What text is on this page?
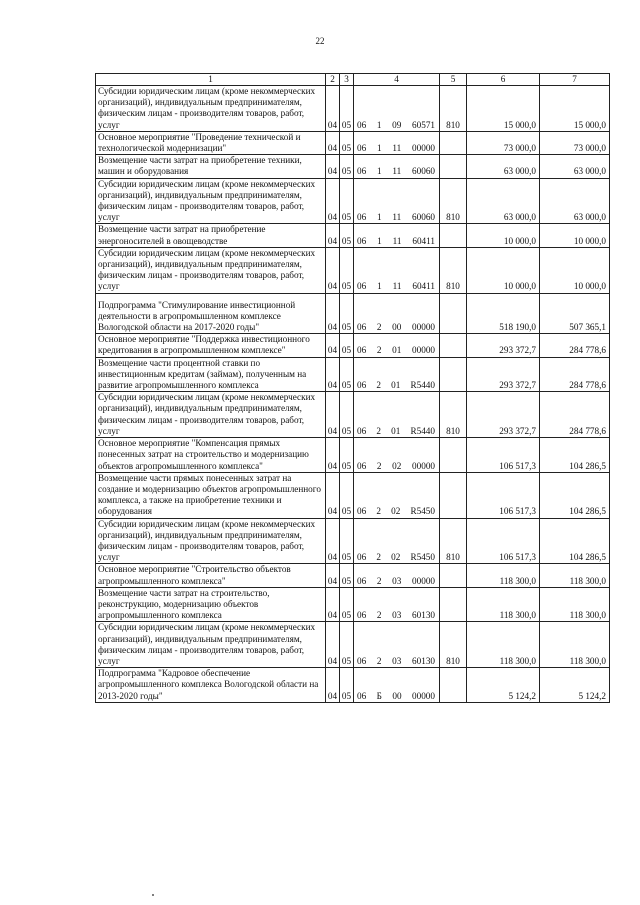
22
1	2	3	4	5	6	7
Субсидии юридическим лицам (кроме некоммерческих организаций), индивидуальным предпринимателям, физическим лицам - производителям товаров, работ, услуг	04	05	06 1 09 60571	810	15 000,0	15 000,0
Основное мероприятие "Проведение технической и технологической модернизации"	04	05	06 1 11 00000		73 000,0	73 000,0
Возмещение части затрат на приобретение техники, машин и оборудования	04	05	06 1 11 60060		63 000,0	63 000,0
Субсидии юридическим лицам (кроме некоммерческих организаций), индивидуальным предпринимателям, физическим лицам - производителям товаров, работ, услуг	04	05	06 1 11 60060	810	63 000,0	63 000,0
Возмещение части затрат на приобретение энергоносителей в овощеводстве	04	05	06 1 11 60411		10 000,0	10 000,0
Субсидии юридическим лицам (кроме некоммерческих организаций), индивидуальным предпринимателям, физическим лицам - производителям товаров, работ, услуг	04	05	06 1 11 60411	810	10 000,0	10 000,0
Подпрограмма "Стимулирование инвестиционной деятельности в агропромышленном комплексе Вологодской области на 2017-2020 годы"	04	05	06 2 00 00000		518 190,0	507 365,1
Основное мероприятие "Поддержка инвестиционного кредитования в агропромышленном комплексе"	04	05	06 2 01 00000		293 372,7	284 778,6
Возмещение части процентной ставки по инвестиционным кредитам (займам), полученным на развитие агропромышленного комплекса	04	05	06 2 01 R5440		293 372,7	284 778,6
Субсидии юридическим лицам (кроме некоммерческих организаций), индивидуальным предпринимателям, физическим лицам - производителям товаров, работ, услуг	04	05	06 2 01 R5440	810	293 372,7	284 778,6
Основное мероприятие "Компенсация прямых понесенных затрат на строительство и модернизацию объектов агропромышленного комплекса"	04	05	06 2 02 00000		106 517,3	104 286,5
Возмещение части прямых понесенных затрат на создание и модернизацию объектов агропромышленного комплекса, а также на приобретение техники и оборудования	04	05	06 2 02 R5450		106 517,3	104 286,5
Субсидии юридическим лицам (кроме некоммерческих организаций), индивидуальным предпринимателям, физическим лицам - производителям товаров, работ, услуг	04	05	06 2 02 R5450	810	106 517,3	104 286,5
Основное мероприятие "Строительство объектов агропромышленного комплекса"	04	05	06 2 03 00000		118 300,0	118 300,0
Возмещение части затрат на строительство, реконструкцию, модернизацию объектов агропромышленного комплекса	04	05	06 2 03 60130		118 300,0	118 300,0
Субсидии юридическим лицам (кроме некоммерческих организаций), индивидуальным предпринимателям, физическим лицам - производителям товаров, работ, услуг	04	05	06 2 03 60130	810	118 300,0	118 300,0
Подпрограмма "Кадровое обеспечение агропромышленного комплекса Вологодской области на 2013-2020 годы"	04	05	06 Б 00 00000		5 124,2	5 124,2
